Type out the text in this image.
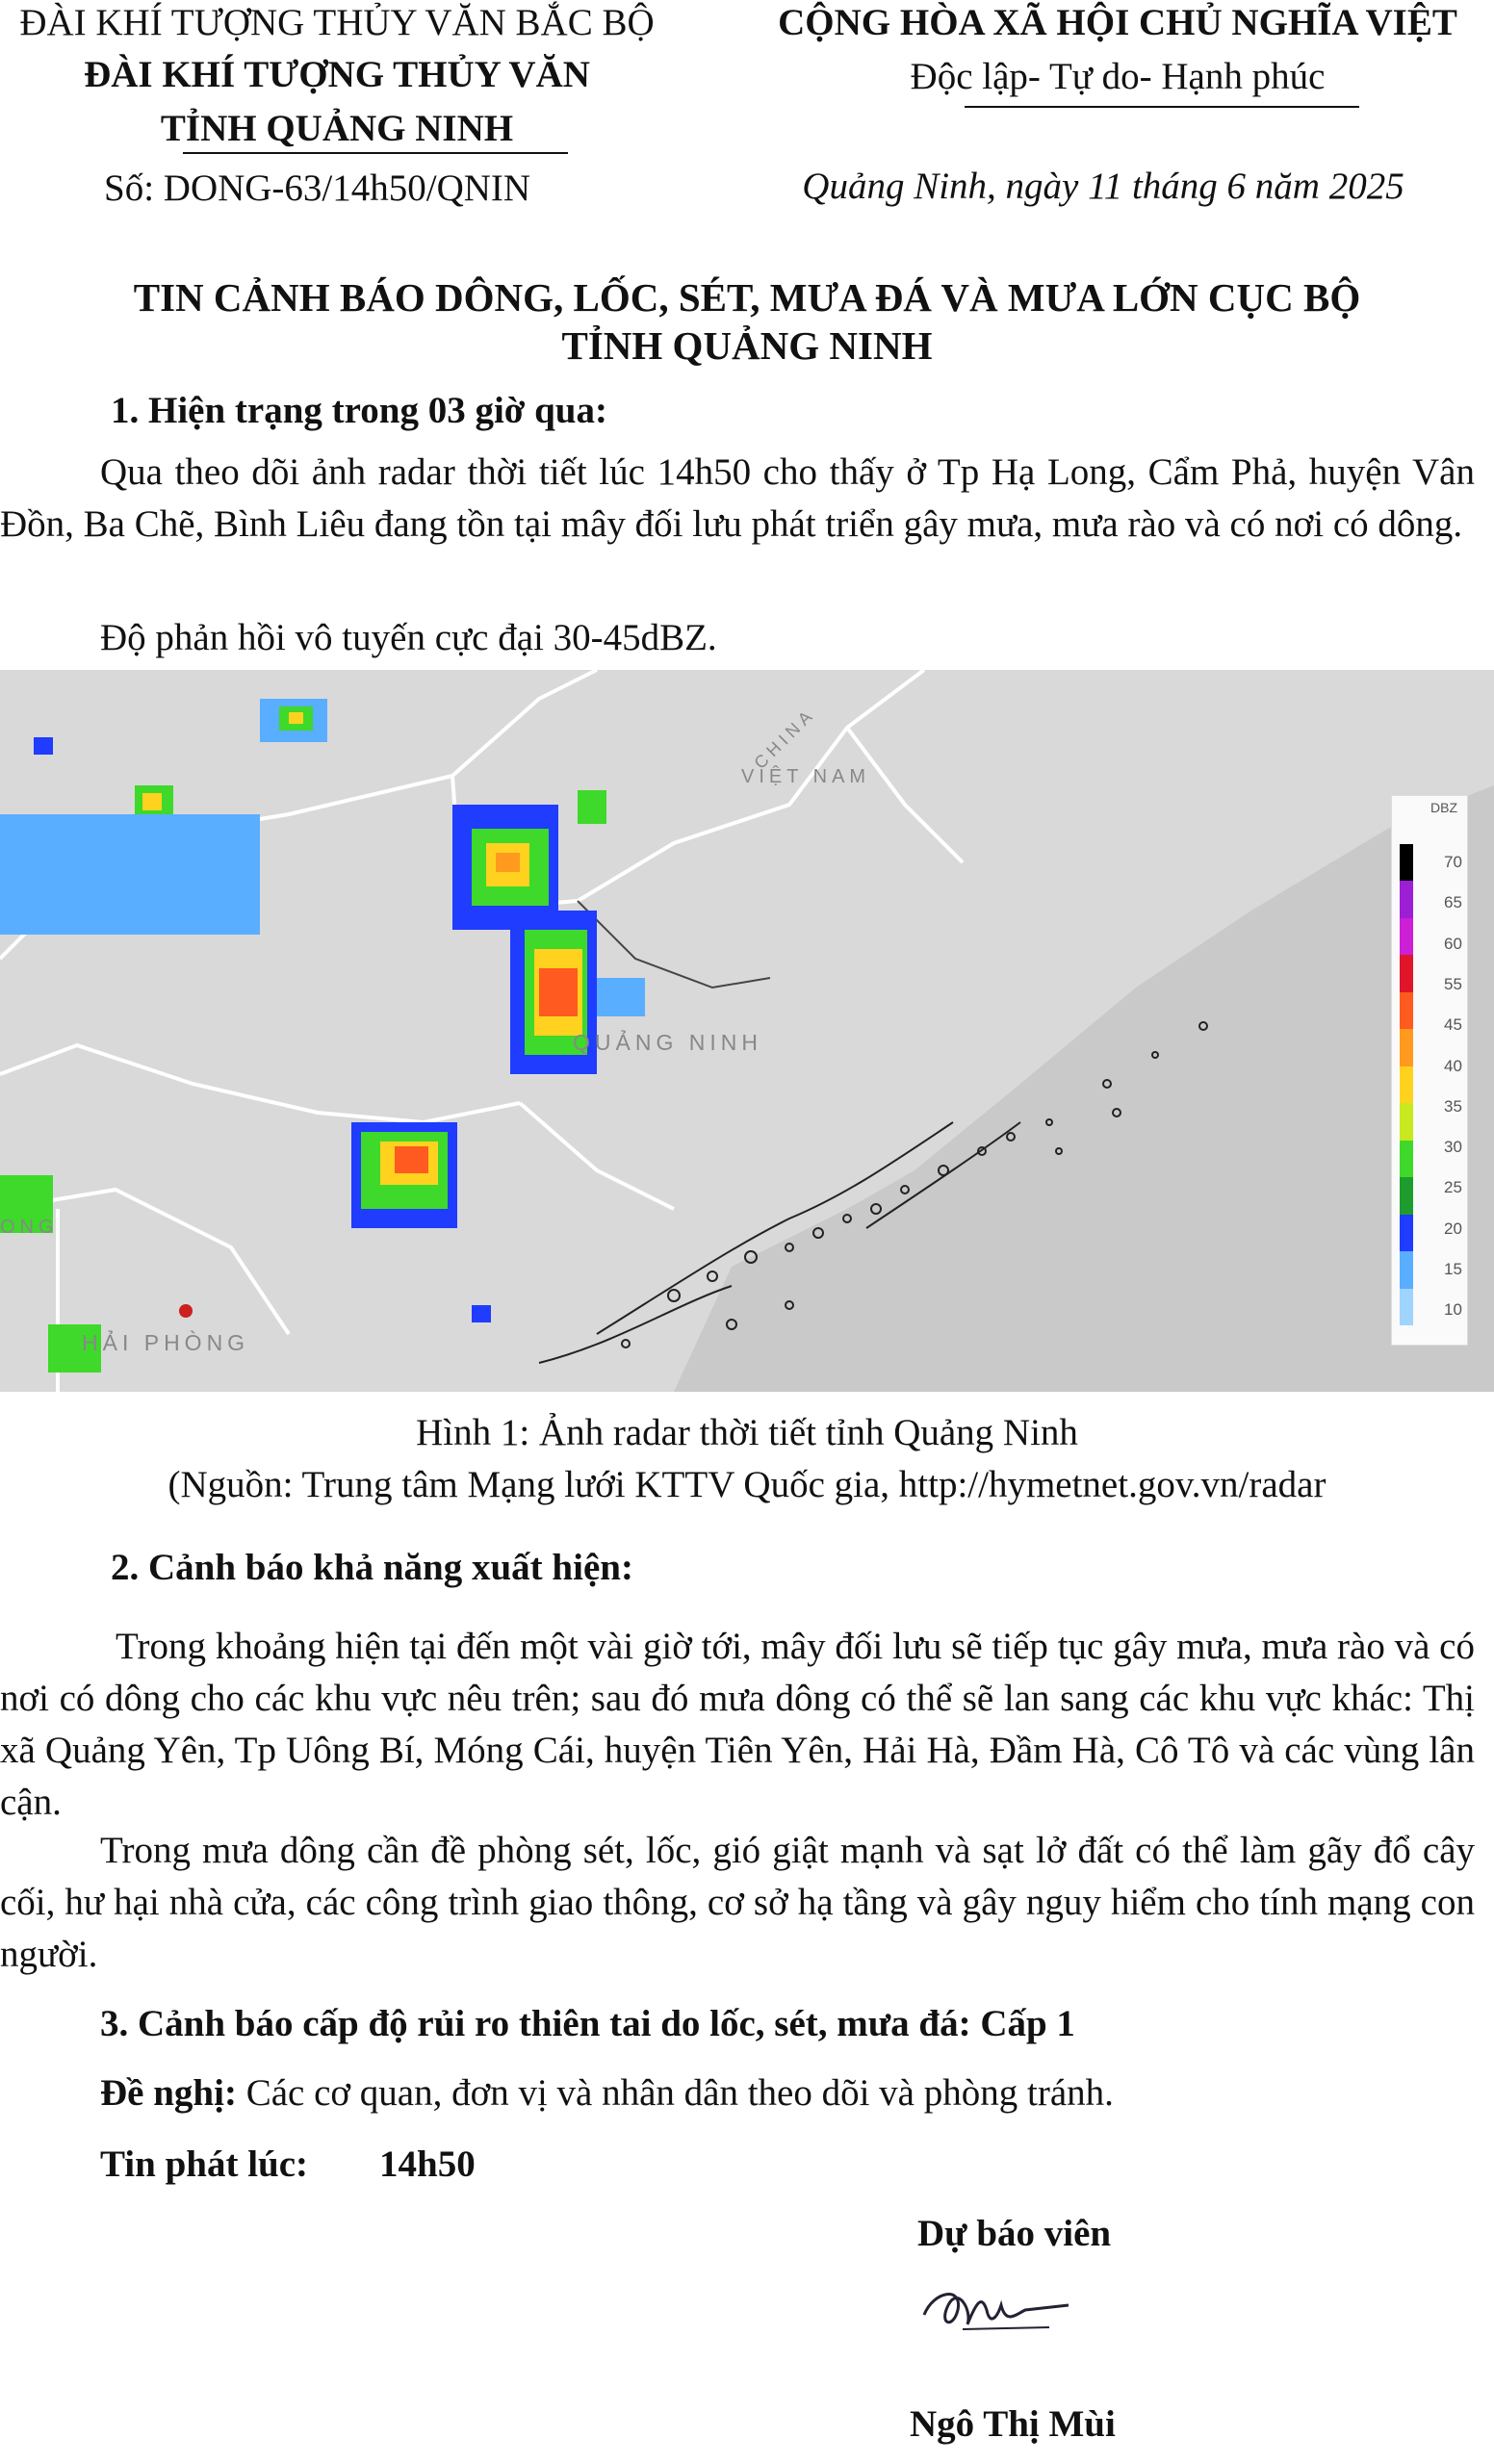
ĐÀI KHÍ TƯỢNG THỦY VĂN BẮC BỘ
ĐÀI KHÍ TƯỢNG THỦY VĂN
TỈNH QUẢNG NINH
Số: DONG-63/14h50/QNIN
CỘNG HÒA XÃ HỘI CHỦ NGHĨA VIỆT
Độc lập- Tự do- Hạnh phúc
Quảng Ninh, ngày 11 tháng 6 năm 2025
TIN CẢNH BÁO DÔNG, LỐC, SÉT, MƯA ĐÁ VÀ MƯA LỚN CỤC BỘ
TỈNH QUẢNG NINH
1. Hiện trạng trong 03 giờ qua:
Qua theo dõi ảnh radar thời tiết lúc 14h50 cho thấy ở Tp Hạ Long, Cẩm Phả, huyện Vân Đồn, Ba Chẽ, Bình Liêu đang tồn tại mây đối lưu phát triển gây mưa, mưa rào và có nơi có dông.
Độ phản hồi vô tuyến cực đại 30-45dBZ.
CHINA
VIỆT NAM
QUẢNG NINH
HẢI PHÒNG
ONG
DBZ
70
65
60
55
45
40
35
30
25
20
15
10
Hình 1: Ảnh radar thời tiết tỉnh Quảng Ninh
(Nguồn: Trung tâm Mạng lưới KTTV Quốc gia, http://hymetnet.gov.vn/radar
2. Cảnh báo khả năng xuất hiện:
Trong khoảng hiện tại đến một vài giờ tới, mây đối lưu sẽ tiếp tục gây mưa, mưa rào và có nơi có dông cho các khu vực nêu trên; sau đó mưa dông có thể sẽ lan sang các khu vực khác: Thị xã Quảng Yên, Tp Uông Bí, Móng Cái, huyện Tiên Yên, Hải Hà, Đầm Hà, Cô Tô và các vùng lân cận.
Trong mưa dông cần đề phòng sét, lốc, gió giật mạnh và sạt lở đất có thể làm gãy đổ cây cối, hư hại nhà cửa, các công trình giao thông, cơ sở hạ tầng và gây nguy hiểm cho tính mạng con người.
3. Cảnh báo cấp độ rủi ro thiên tai do lốc, sét, mưa đá: Cấp 1
Đề nghị: Các cơ quan, đơn vị và nhân dân theo dõi và phòng tránh.
Tin phát lúc: 14h50
Dự báo viên
Ngô Thị Mùi
